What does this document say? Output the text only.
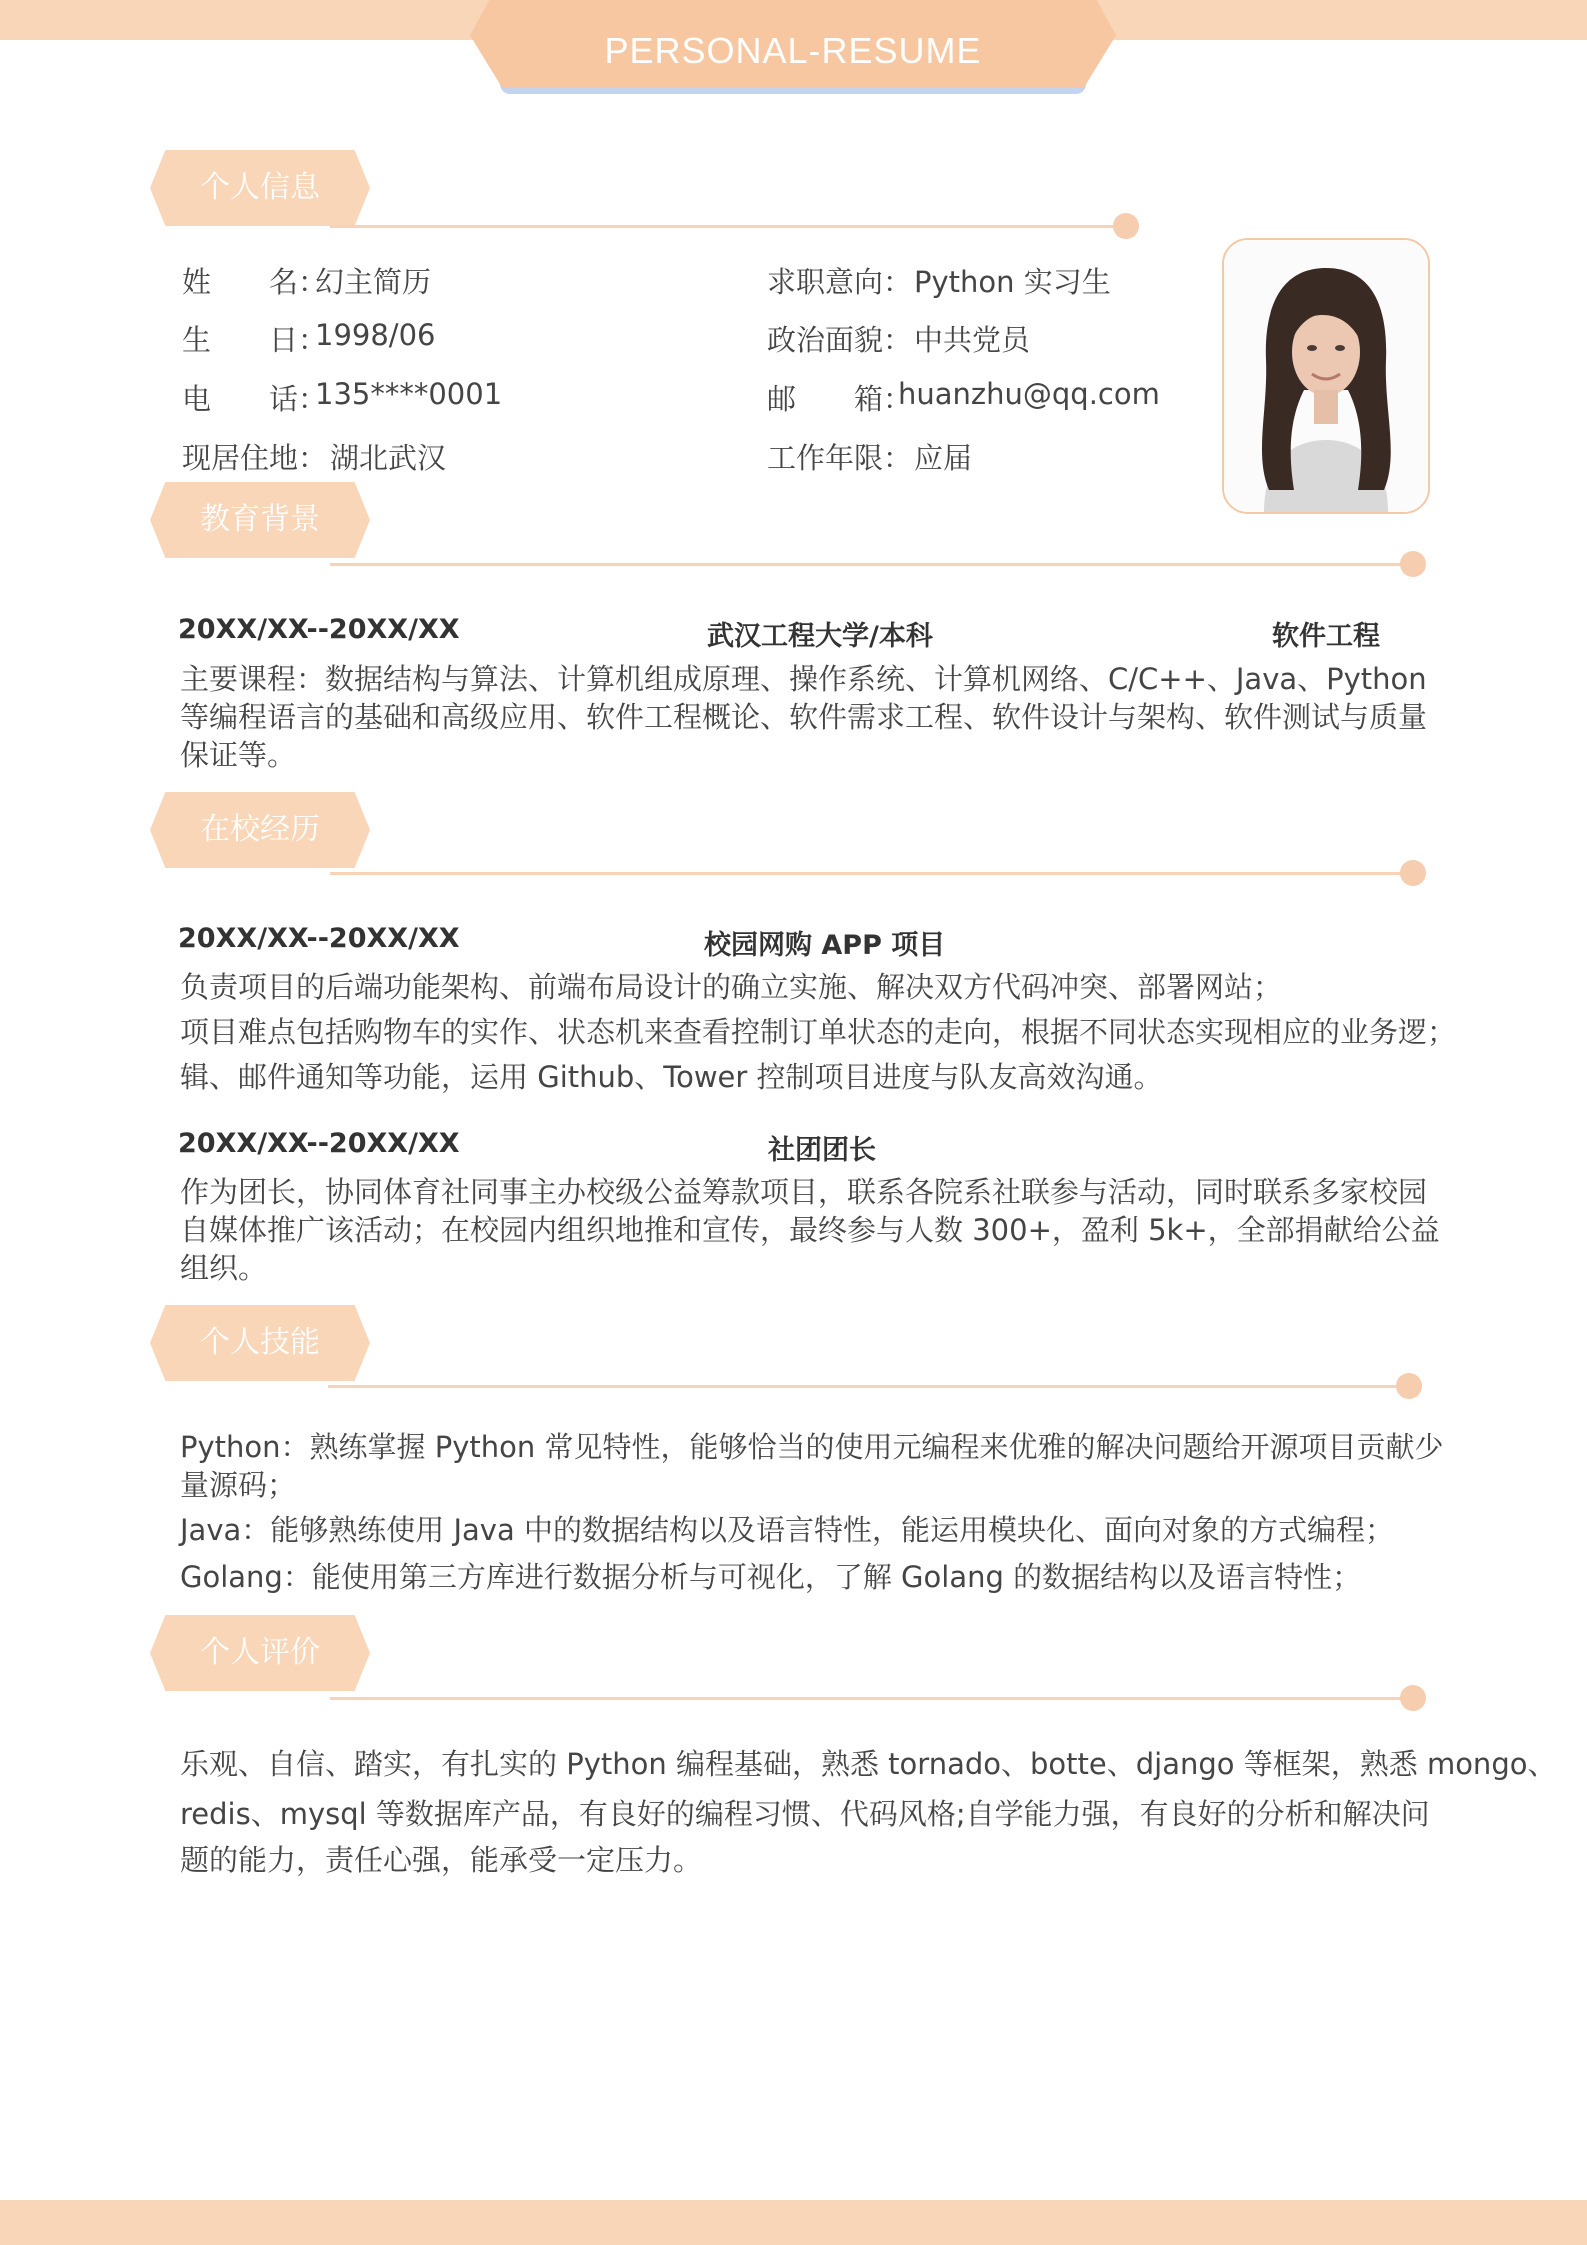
PERSONAL-RESUME
个人信息
姓　　名：
幻主简历
生　　日：
1998/06
电　　话：
135****0001
现居住地： 湖北武汉
求职意向： Python 实习生
政治面貌： 中共党员
邮　　箱：
huanzhu@qq.com
工作年限： 应届
教育背景
20XX/XX--20XX/XX	武汉工程大学/本科	软件工程
主要课程：数据结构与算法、计算机组成原理、操作系统、计算机网络、C/C++、Java、Python
等编程语言的基础和高级应用、软件工程概论、软件需求工程、软件设计与架构、软件测试与质量
保证等。
在校经历
20XX/XX--20XX/XX	校园网购 APP 项目
负责项目的后端功能架构、前端布局设计的确立实施、解决双方代码冲突、部署网站；
项目难点包括购物车的实作、状态机来查看控制订单状态的走向，根据不同状态实现相应的业务逻；
辑、邮件通知等功能，运用 Github、Tower 控制项目进度与队友高效沟通。
20XX/XX--20XX/XX	社团团长
作为团长，协同体育社同事主办校级公益筹款项目，联系各院系社联参与活动，同时联系多家校园
自媒体推广该活动；在校园内组织地推和宣传，最终参与人数 300+，盈利 5k+，全部捐献给公益
组织。
个人技能
Python：熟练掌握 Python 常见特性，能够恰当的使用元编程来优雅的解决问题给开源项目贡献少
量源码；
Java：能够熟练使用 Java 中的数据结构以及语言特性，能运用模块化、面向对象的方式编程；
Golang：能使用第三方库进行数据分析与可视化，了解 Golang 的数据结构以及语言特性；
个人评价
乐观、自信、踏实，有扎实的 Python 编程基础，熟悉 tornado、botte、django 等框架，熟悉 mongo、
redis、mysql 等数据库产品，有良好的编程习惯、代码风格;自学能力强，有良好的分析和解决问
题的能力，责任心强，能承受一定压力。
